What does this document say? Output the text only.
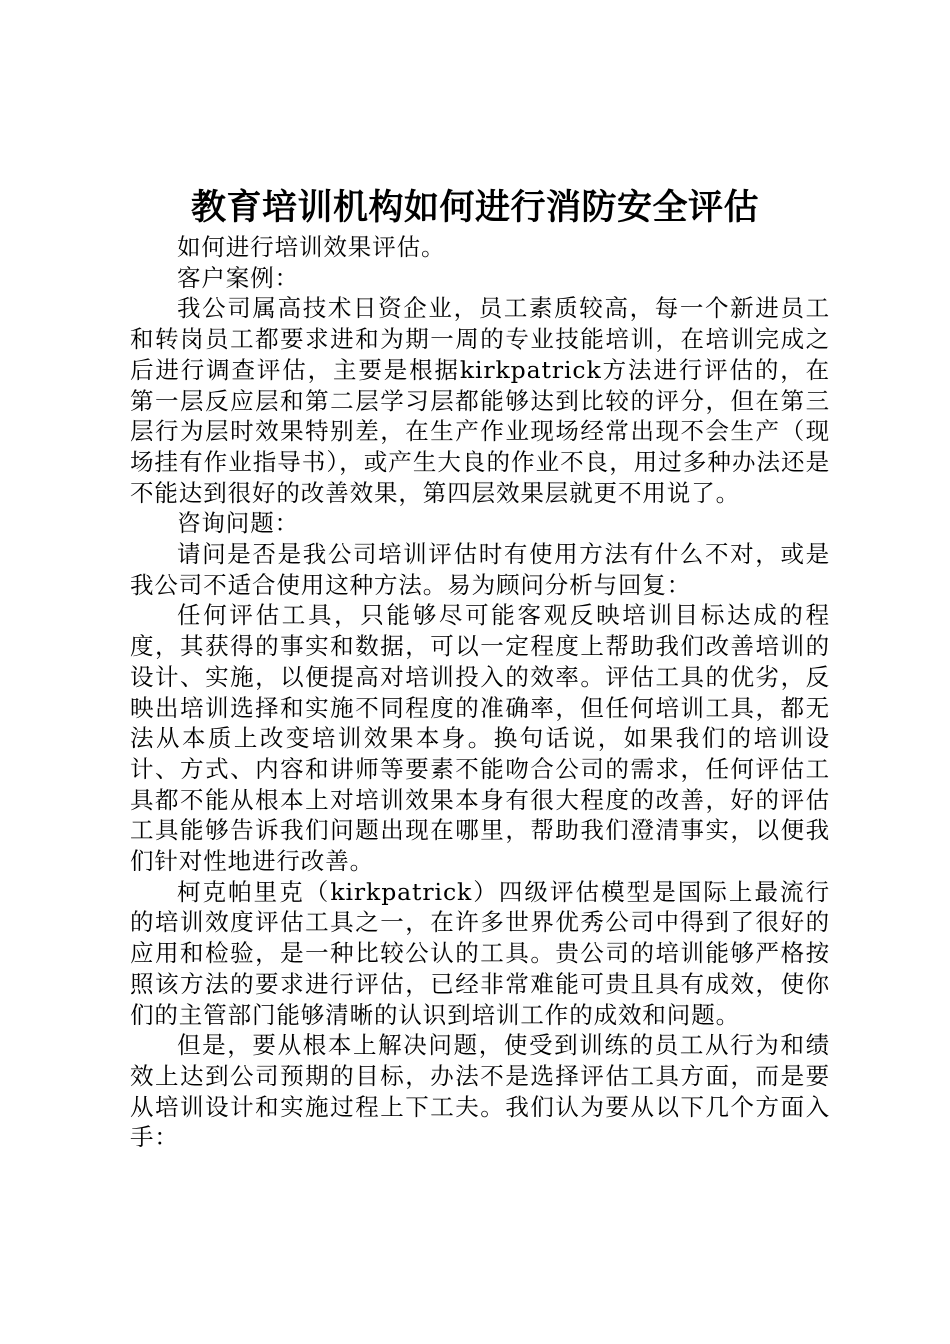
教育培训机构如何进行消防安全评估

如何进行培训效果评估。

客户案例：

我公司属高技术日资企业，员工素质较高，每一个新进员工和转岗员工都要求进和为期一周的专业技能培训，在培训完成之后进行调查评估，主要是根据kirkpatrick方法进行评估的，在第一层反应层和第二层学习层都能够达到比较的评分，但在第三层行为层时效果特别差，在生产作业现场经常出现不会生产（现场挂有作业指导书），或产生大良的作业不良，用过多种办法还是不能达到很好的改善效果，第四层效果层就更不用说了。

咨询问题：

请问是否是我公司培训评估时有使用方法有什么不对，或是我公司不适合使用这种方法。易为顾问分析与回复：

任何评估工具，只能够尽可能客观反映培训目标达成的程度，其获得的事实和数据，可以一定程度上帮助我们改善培训的设计、实施，以便提高对培训投入的效率。评估工具的优劣，反映出培训选择和实施不同程度的准确率，但任何培训工具，都无法从本质上改变培训效果本身。换句话说，如果我们的培训设计、方式、内容和讲师等要素不能吻合公司的需求，任何评估工具都不能从根本上对培训效果本身有很大程度的改善，好的评估工具能够告诉我们问题出现在哪里，帮助我们澄清事实，以便我们针对性地进行改善。

柯克帕里克（kirkpatrick）四级评估模型是国际上最流行的培训效度评估工具之一，在许多世界优秀公司中得到了很好的应用和检验，是一种比较公认的工具。贵公司的培训能够严格按照该方法的要求进行评估，已经非常难能可贵且具有成效，使你们的主管部门能够清晰的认识到培训工作的成效和问题。

但是，要从根本上解决问题，使受到训练的员工从行为和绩效上达到公司预期的目标，办法不是选择评估工具方面，而是要从培训设计和实施过程上下工夫。我们认为要从以下几个方面入手：
